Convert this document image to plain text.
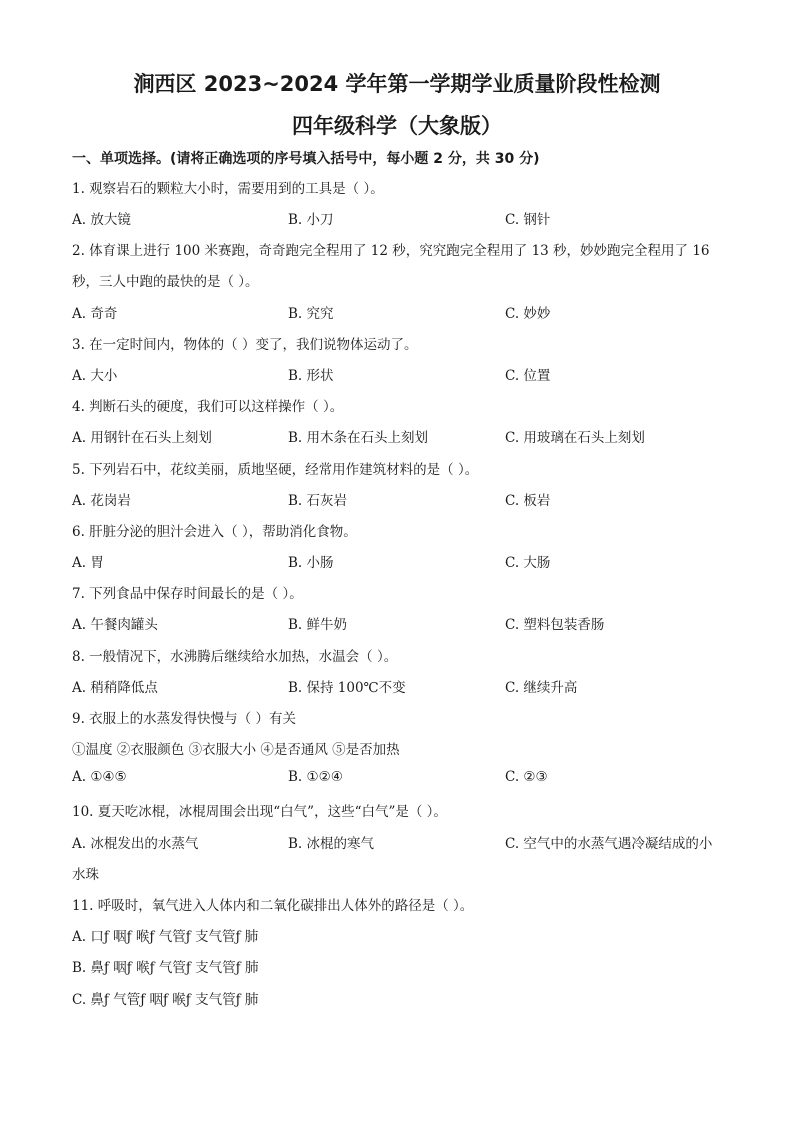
涧西区 2023~2024 学年第一学期学业质量阶段性检测
四年级科学（大象版）
一、单项选择。(请将正确选项的序号填入括号中，每小题 2 分，共 30 分)
1. 观察岩石的颗粒大小时，需要用到的工具是（ ）。
A. 放大镜	B. 小刀	C. 钢针
2. 体育课上进行 100 米赛跑，奇奇跑完全程用了 12 秒，究究跑完全程用了 13 秒，妙妙跑完全程用了 16
秒，三人中跑的最快的是（ ）。
A. 奇奇	B. 究究	C. 妙妙
3. 在一定时间内，物体的（ ）变了，我们说物体运动了。
A. 大小	B. 形状	C. 位置
4. 判断石头的硬度，我们可以这样操作（ ）。
A. 用钢针在石头上刻划	B. 用木条在石头上刻划	C. 用玻璃在石头上刻划
5. 下列岩石中，花纹美丽，质地坚硬，经常用作建筑材料的是（ ）。
A. 花岗岩	B. 石灰岩	C. 板岩
6. 肝脏分泌的胆汁会进入（ ），帮助消化食物。
A. 胃	B. 小肠	C. 大肠
7. 下列食品中保存时间最长的是（ ）。
A. 午餐肉罐头	B. 鲜牛奶	C. 塑料包装香肠
8. 一般情况下，水沸腾后继续给水加热，水温会（ ）。
A. 稍稍降低点	B. 保持 100℃不变	C. 继续升高
9. 衣服上的水蒸发得快慢与（ ）有关
①温度 ②衣服颜色 ③衣服大小 ④是否通风 ⑤是否加热
A. ①④⑤	B. ①②④	C. ②③
10. 夏天吃冰棍，冰棍周围会出现“白气”，这些“白气”是（ ）。
A. 冰棍发出的水蒸气	B. 冰棍的寒气	C. 空气中的水蒸气遇冷凝结成的小
水珠
11. 呼吸时，氧气进入人体内和二氧化碳排出人体外的路径是（ ）。
A. 口ƒ 咽ƒ 喉ƒ 气管ƒ 支气管ƒ 肺
B. 鼻ƒ 咽ƒ 喉ƒ 气管ƒ 支气管ƒ 肺
C. 鼻ƒ 气管ƒ 咽ƒ 喉ƒ 支气管ƒ 肺
